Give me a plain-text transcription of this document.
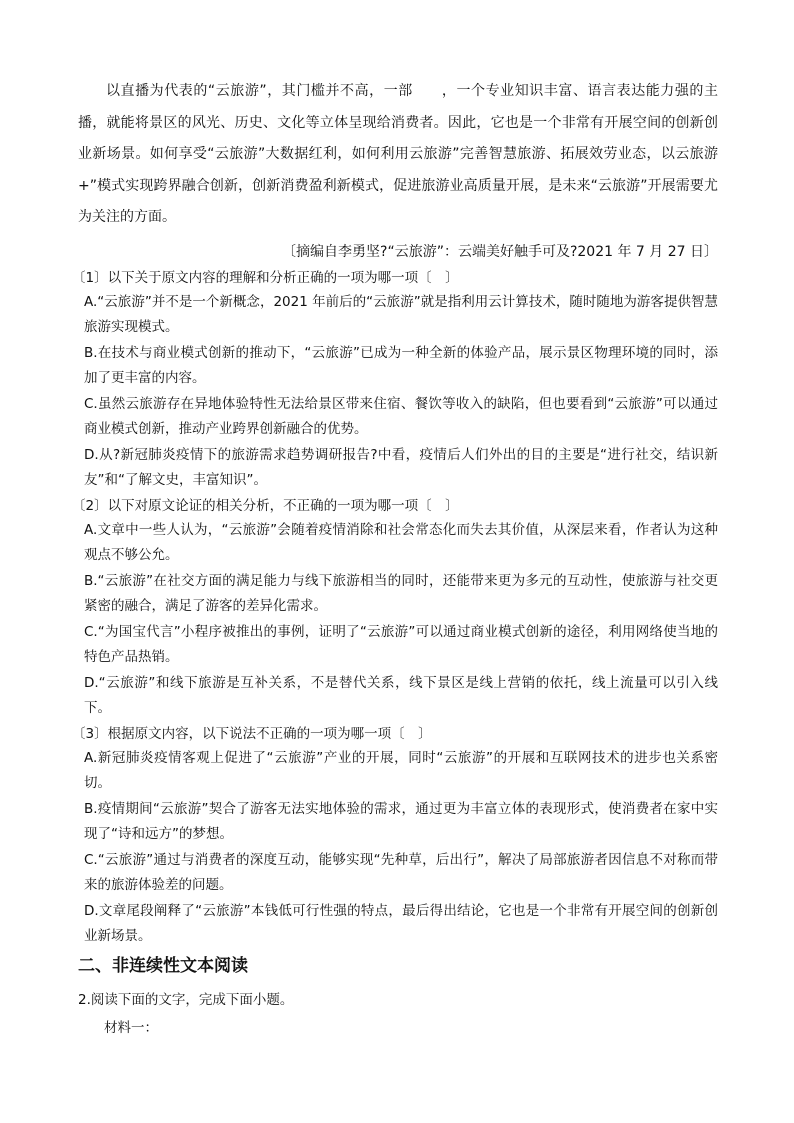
以直播为代表的“云旅游”，其门槛并不高，一部　　，一个专业知识丰富、语言表达能力强的主播，就能将景区的风光、历史、文化等立体呈现给消费者。因此，它也是一个非常有开展空间的创新创业新场景。如何享受“云旅游”大数据红利，如何利用云旅游”完善智慧旅游、拓展效劳业态，以云旅游+”模式实现跨界融合创新，创新消费盈利新模式，促进旅游业高质量开展，是未来“云旅游”开展需要尤为关注的方面。

〔摘编自李勇坚?“云旅游”：云端美好触手可及?2021 年 7 月 27 日〕

〔1〕以下关于原文内容的理解和分析正确的一项为哪一项〔　〕

A.“云旅游”并不是一个新概念，2021 年前后的“云旅游”就是指利用云计算技术，随时随地为游客提供智慧旅游实现模式。

B.在技术与商业模式创新的推动下，“云旅游”已成为一种全新的体验产品，展示景区物理环境的同时，添加了更丰富的内容。

C.虽然云旅游存在异地体验特性无法给景区带来住宿、餐饮等收入的缺陷，但也要看到“云旅游”可以通过商业模式创新，推动产业跨界创新融合的优势。

D.从?新冠肺炎疫情下的旅游需求趋势调研报告?中看，疫情后人们外出的目的主要是“进行社交，结识新友”和“了解文史，丰富知识”。

〔2〕以下对原文论证的相关分析，不正确的一项为哪一项〔　〕

A.文章中一些人认为，“云旅游”会随着疫情消除和社会常态化而失去其价值，从深层来看，作者认为这种观点不够公允。

B.“云旅游”在社交方面的满足能力与线下旅游相当的同时，还能带来更为多元的互动性，使旅游与社交更紧密的融合，满足了游客的差异化需求。

C.“为国宝代言”小程序被推出的事例，证明了“云旅游”可以通过商业模式创新的途径，利用网络使当地的特色产品热销。

D.“云旅游”和线下旅游是互补关系，不是替代关系，线下景区是线上营销的依托，线上流量可以引入线下。

〔3〕根据原文内容，以下说法不正确的一项为哪一项〔　〕

A.新冠肺炎疫情客观上促进了“云旅游”产业的开展，同时“云旅游”的开展和互联网技术的进步也关系密切。

B.疫情期间“云旅游”契合了游客无法实地体验的需求，通过更为丰富立体的表现形式，使消费者在家中实现了“诗和远方”的梦想。

C.“云旅游”通过与消费者的深度互动，能够实现“先种草，后出行”，解决了局部旅游者因信息不对称而带来的旅游体验差的问题。

D.文章尾段阐释了“云旅游”本钱低可行性强的特点，最后得出结论，它也是一个非常有开展空间的创新创业新场景。

二、非连续性文本阅读

2.阅读下面的文字，完成下面小题。

材料一：
